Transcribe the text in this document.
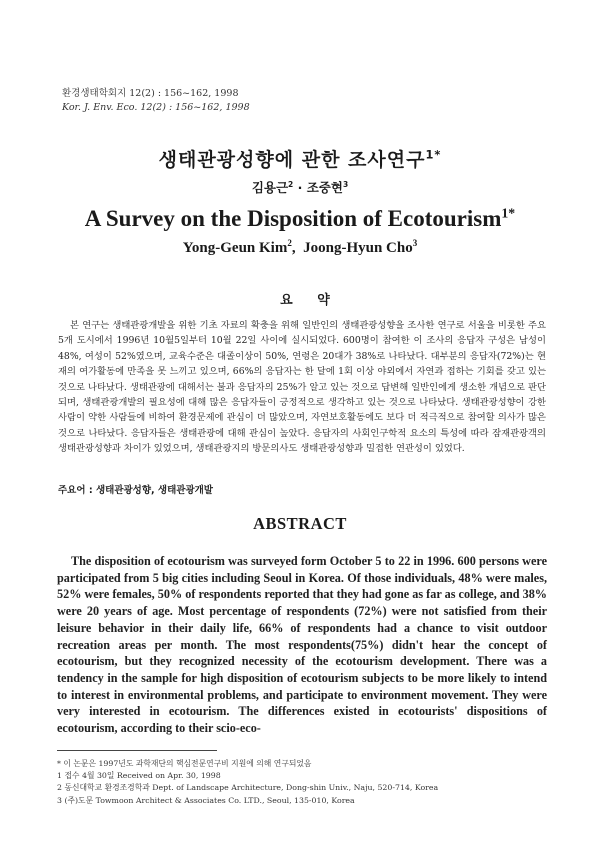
환경생태학회지 12(2) : 156~162, 1998
Kor. J. Env. Eco. 12(2) : 156~162, 1998
생태관광성향에 관한 조사연구$^{1*}$
김용근$^2$ · 조중현$^3$
A Survey on the Disposition of Ecotourism$^{1*}$
Yong-Geun Kim$^2$,  Joong-Hyun Cho$^3$
요 약

본 연구는 생태관광개발을 위한 기초 자료의 확충을 위해 일반인의 생태관광성향을 조사한 연구로 서울을 비롯한 주요 5개 도시에서 1996년 10월5일부터 10월 22일 사이에 실시되었다. 600명이 참여한 이 조사의 응답자 구성은 남성이 48%, 여성이 52%였으며, 교육수준은 대졸이상이 50%, 연령은 20대가 38%로 나타났다. 대부분의 응답자(72%)는 현재의 여가활동에 만족을 못 느끼고 있으며, 66%의 응답자는 한 달에 1회 이상 야외에서 자연과 접하는 기회를 갖고 있는 것으로 나타났다. 생태관광에 대해서는 불과 응답자의 25%가 알고 있는 것으로 답변해 일반인에게 생소한 개념으로 판단되며, 생태관광개발의 필요성에 대해 많은 응답자들이 긍정적으로 생각하고 있는 것으로 나타났다. 생태관광성향이 강한 사람이 약한 사람들에 비하여 환경문제에 관심이 더 많았으며, 자연보호활동에도 보다 더 적극적으로 참여할 의사가 많은 것으로 나타났다. 응답자들은 생태관광에 대해 관심이 높았다. 응답자의 사회인구학적 요소의 특성에 따라 잠재관광객의 생태관광성향과 차이가 있었으며, 생태관광지의 방문의사도 생태관광성향과 밀접한 연관성이 있었다.

주요어 : 생태관광성향, 생태관광개발
ABSTRACT

The disposition of ecotourism was surveyed form October 5 to 22 in 1996. 600 persons were participated from 5 big cities including Seoul in Korea. Of those individuals, 48% were males, 52% were females, 50% of respondents reported that they had gone as far as college, and 38% were 20 years of age. Most percentage of respondents (72%) were not satisfied from their leisure behavior in their daily life, 66% of respondents had a chance to visit outdoor recreation areas per month. The most respondents(75%) didn't hear the concept of ecotourism, but they recognized necessity of the ecotourism development. There was a tendency in the sample for high disposition of ecotourism subjects to be more likely to intend to interest in environmental problems, and participate to environment movement. They were very interested in ecotourism. The differences existed in ecotourists' dispositions of ecotourism, according to their scio-eco-

* 이 논문은 1997년도 과학재단의 핵심전문연구비 지원에 의해 연구되었음
1 접수 4월 30일 Received on Apr. 30, 1998
2 동신대학교 환경조경학과 Dept. of Landscape Architecture, Dong-shin Univ., Naju, 520-714, Korea
3 (주)도문 Towmoon Architect & Associates Co. LTD., Seoul, 135-010, Korea
